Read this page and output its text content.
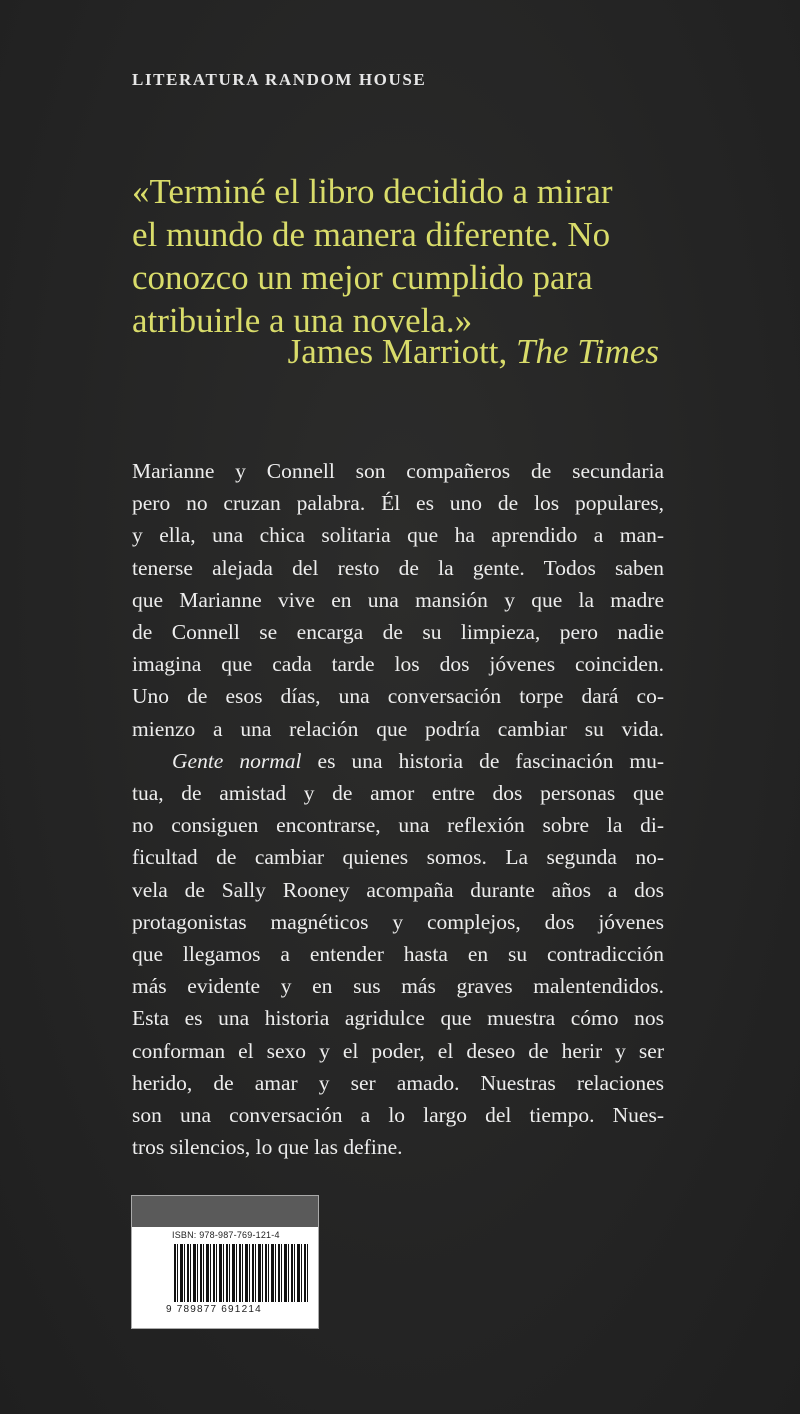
LITERATURA RANDOM HOUSE
«Terminé el libro decidido a mirar
el mundo de manera diferente. No
conozco un mejor cumplido para
atribuirle a una novela.»
James Marriott, The Times
Marianne y Connell son compañeros de secundaria
pero no cruzan palabra. Él es uno de los populares,
y ella, una chica solitaria que ha aprendido a man-
tenerse alejada del resto de la gente. Todos saben
que Marianne vive en una mansión y que la madre
de Connell se encarga de su limpieza, pero nadie
imagina que cada tarde los dos jóvenes coinciden.
Uno de esos días, una conversación torpe dará co-
mienzo a una relación que podría cambiar su vida.
Gente normal es una historia de fascinación mu-
tua, de amistad y de amor entre dos personas que
no consiguen encontrarse, una reflexión sobre la di-
ficultad de cambiar quienes somos. La segunda no-
vela de Sally Rooney acompaña durante años a dos
protagonistas magnéticos y complejos, dos jóvenes
que llegamos a entender hasta en su contradicción
más evidente y en sus más graves malentendidos.
Esta es una historia agridulce que muestra cómo nos
conforman el sexo y el poder, el deseo de herir y ser
herido, de amar y ser amado. Nuestras relaciones
son una conversación a lo largo del tiempo. Nues-
tros silencios, lo que las define.
ISBN: 978-987-769-121-4
9 789877 691214
